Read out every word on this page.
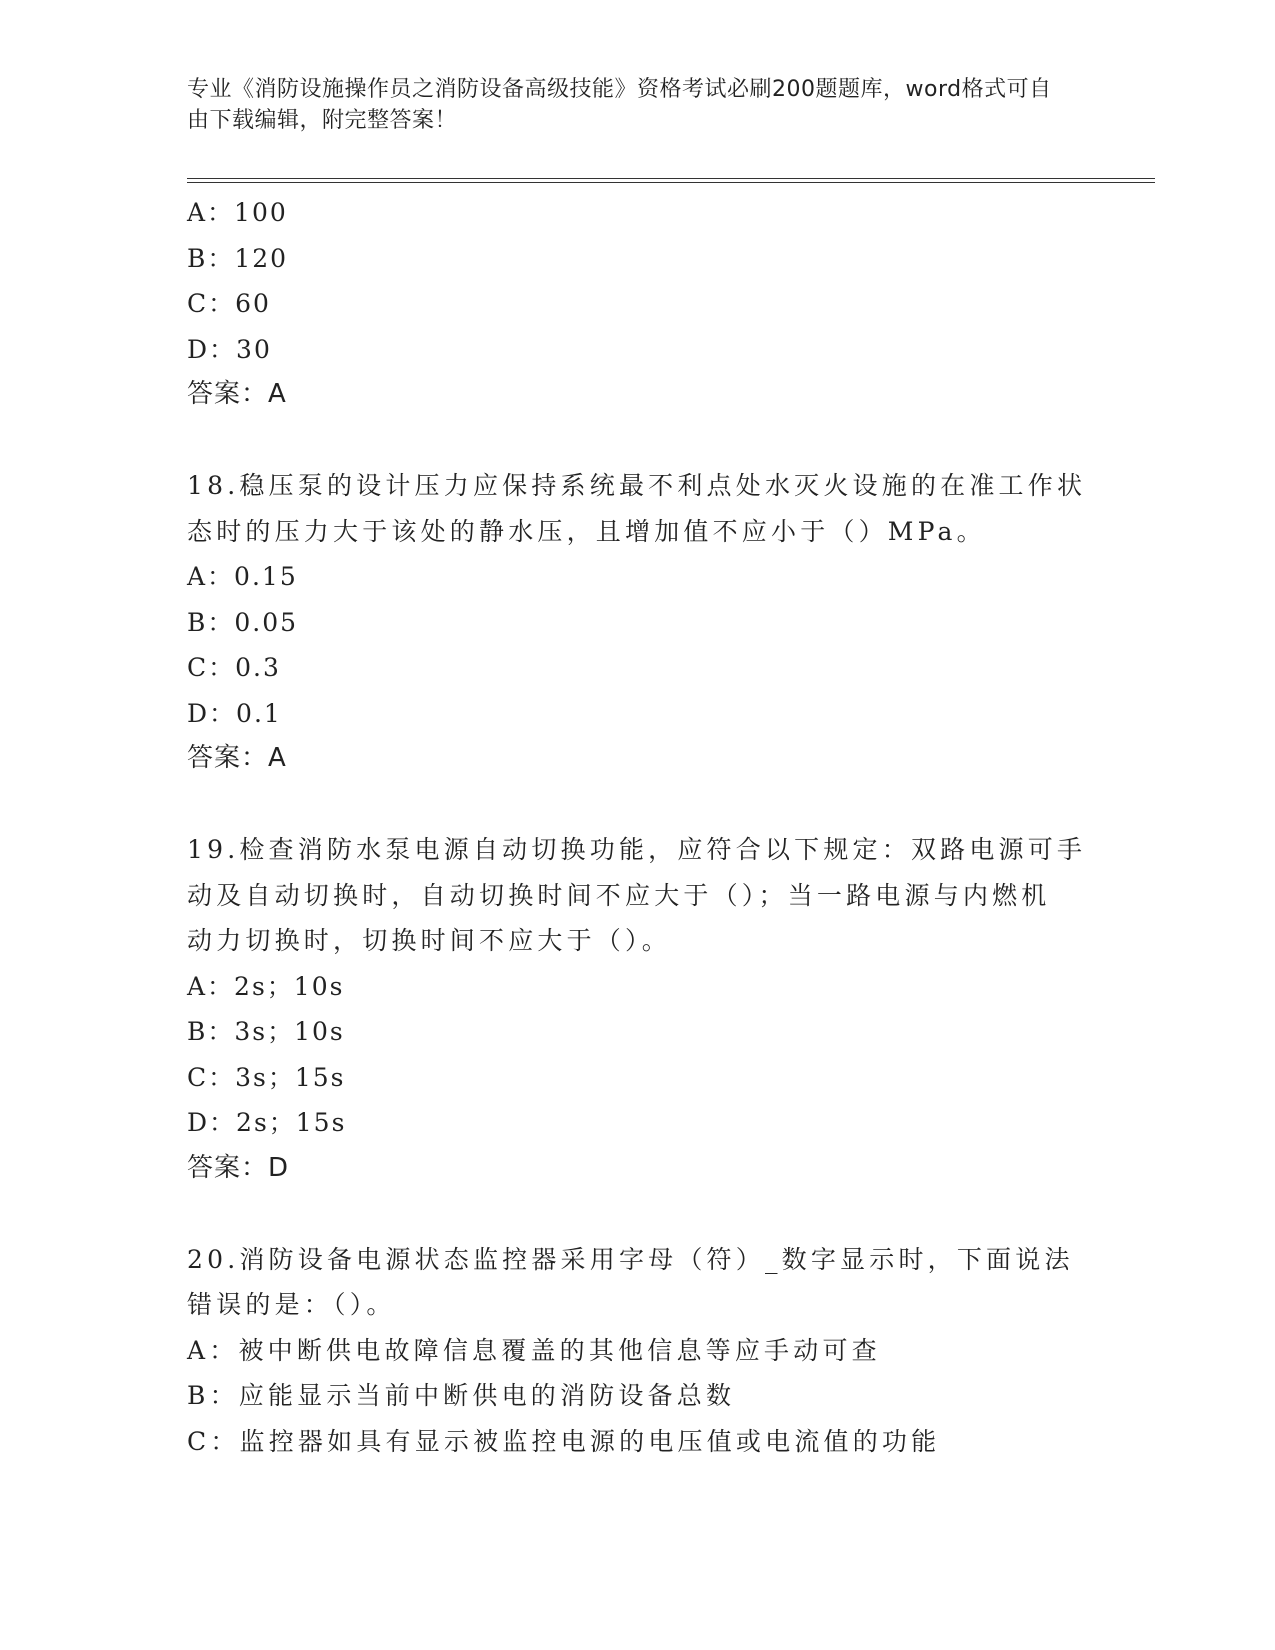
专业《消防设施操作员之消防设备高级技能》资格考试必刷200题题库，word格式可自由下载编辑，附完整答案！
A：100
B：120
C：60
D：30
答案：A
18.稳压泵的设计压力应保持系统最不利点处水灭火设施的在准工作状
态时的压力大于该处的静水压，且增加值不应小于（）MPa。
A：0.15
B：0.05
C：0.3
D：0.1
答案：A
19.检查消防水泵电源自动切换功能，应符合以下规定：双路电源可手
动及自动切换时，自动切换时间不应大于（）；当一路电源与内燃机
动力切换时，切换时间不应大于（）。
A：2s；10s
B：3s；10s
C：3s；15s
D：2s；15s
答案：D
20.消防设备电源状态监控器采用字母（符）_数字显示时，下面说法
错误的是：（）。
A：被中断供电故障信息覆盖的其他信息等应手动可查
B：应能显示当前中断供电的消防设备总数
C：监控器如具有显示被监控电源的电压值或电流值的功能
